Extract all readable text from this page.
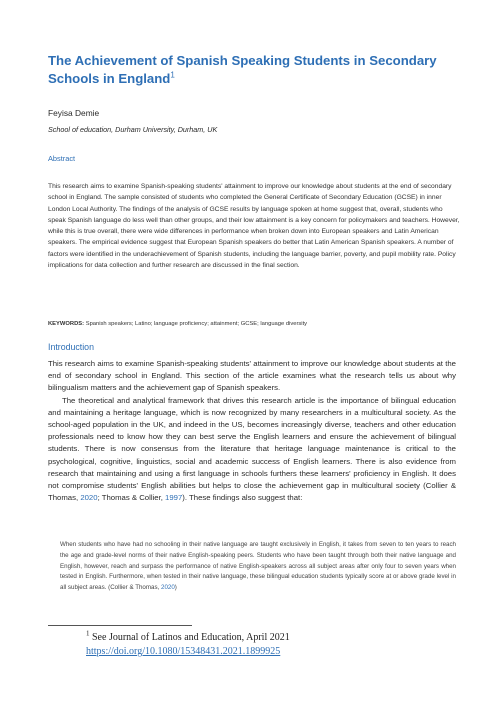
The Achievement of Spanish Speaking Students in Secondary Schools in England$^1$
Feyisa Demie
School of education, Durham University, Durham, UK
Abstract
This research aims to examine Spanish-speaking students' attainment to improve our knowledge about students at the end of secondary school in England. The sample consisted of students who completed the General Certificate of Secondary Education (GCSE) in inner London Local Authority. The findings of the analysis of GCSE results by language spoken at home suggest that, overall, students who speak Spanish language do less well than other groups, and their low attainment is a key concern for policymakers and teachers. However, while this is true overall, there were wide differences in performance when broken down into European speakers and Latin American speakers. The empirical evidence suggest that European Spanish speakers do better that Latin American Spanish speakers. A number of factors were identified in the underachievement of Spanish students, including the language barrier, poverty, and pupil mobility rate. Policy implications for data collection and further research are discussed in the final section.
KEYWORDS: Spanish speakers; Latino; language proficiency; attainment; GCSE; language diversity
Introduction

This research aims to examine Spanish-speaking students' attainment to improve our knowledge about students at the end of secondary school in England. This section of the article examines what the research tells us about why bilingualism matters and the achievement gap of Spanish speakers.

The theoretical and analytical framework that drives this research article is the importance of bilingual education and maintaining a heritage language, which is now recognized by many researchers in a multicultural society. As the school-aged population in the UK, and indeed in the US, becomes increasingly diverse, teachers and other education professionals need to know how they can best serve the English learners and ensure the achievement of bilingual students. There is now consensus from the literature that heritage language maintenance is critical to the psychological, cognitive, linguistics, social and academic success of English learners. There is also evidence from research that maintaining and using a first language in schools furthers these learners' proficiency in English. It does not compromise students' English abilities but helps to close the achievement gap in multicultural society (Collier & Thomas, 2020; Thomas & Collier, 1997). These findings also suggest that:

When students who have had no schooling in their native language are taught exclusively in English, it takes from seven to ten years to reach the age and grade-level norms of their native English-speaking peers. Students who have been taught through both their native language and English, however, reach and surpass the performance of native English-speakers across all subject areas after only four to seven years when tested in English. Furthermore, when tested in their native language, these bilingual education students typically score at or above grade level in all subject areas. (Collier & Thomas, 2020)
$^1$ See Journal of Latinos and Education, April 2021
https://doi.org/10.1080/15348431.2021.1899925
